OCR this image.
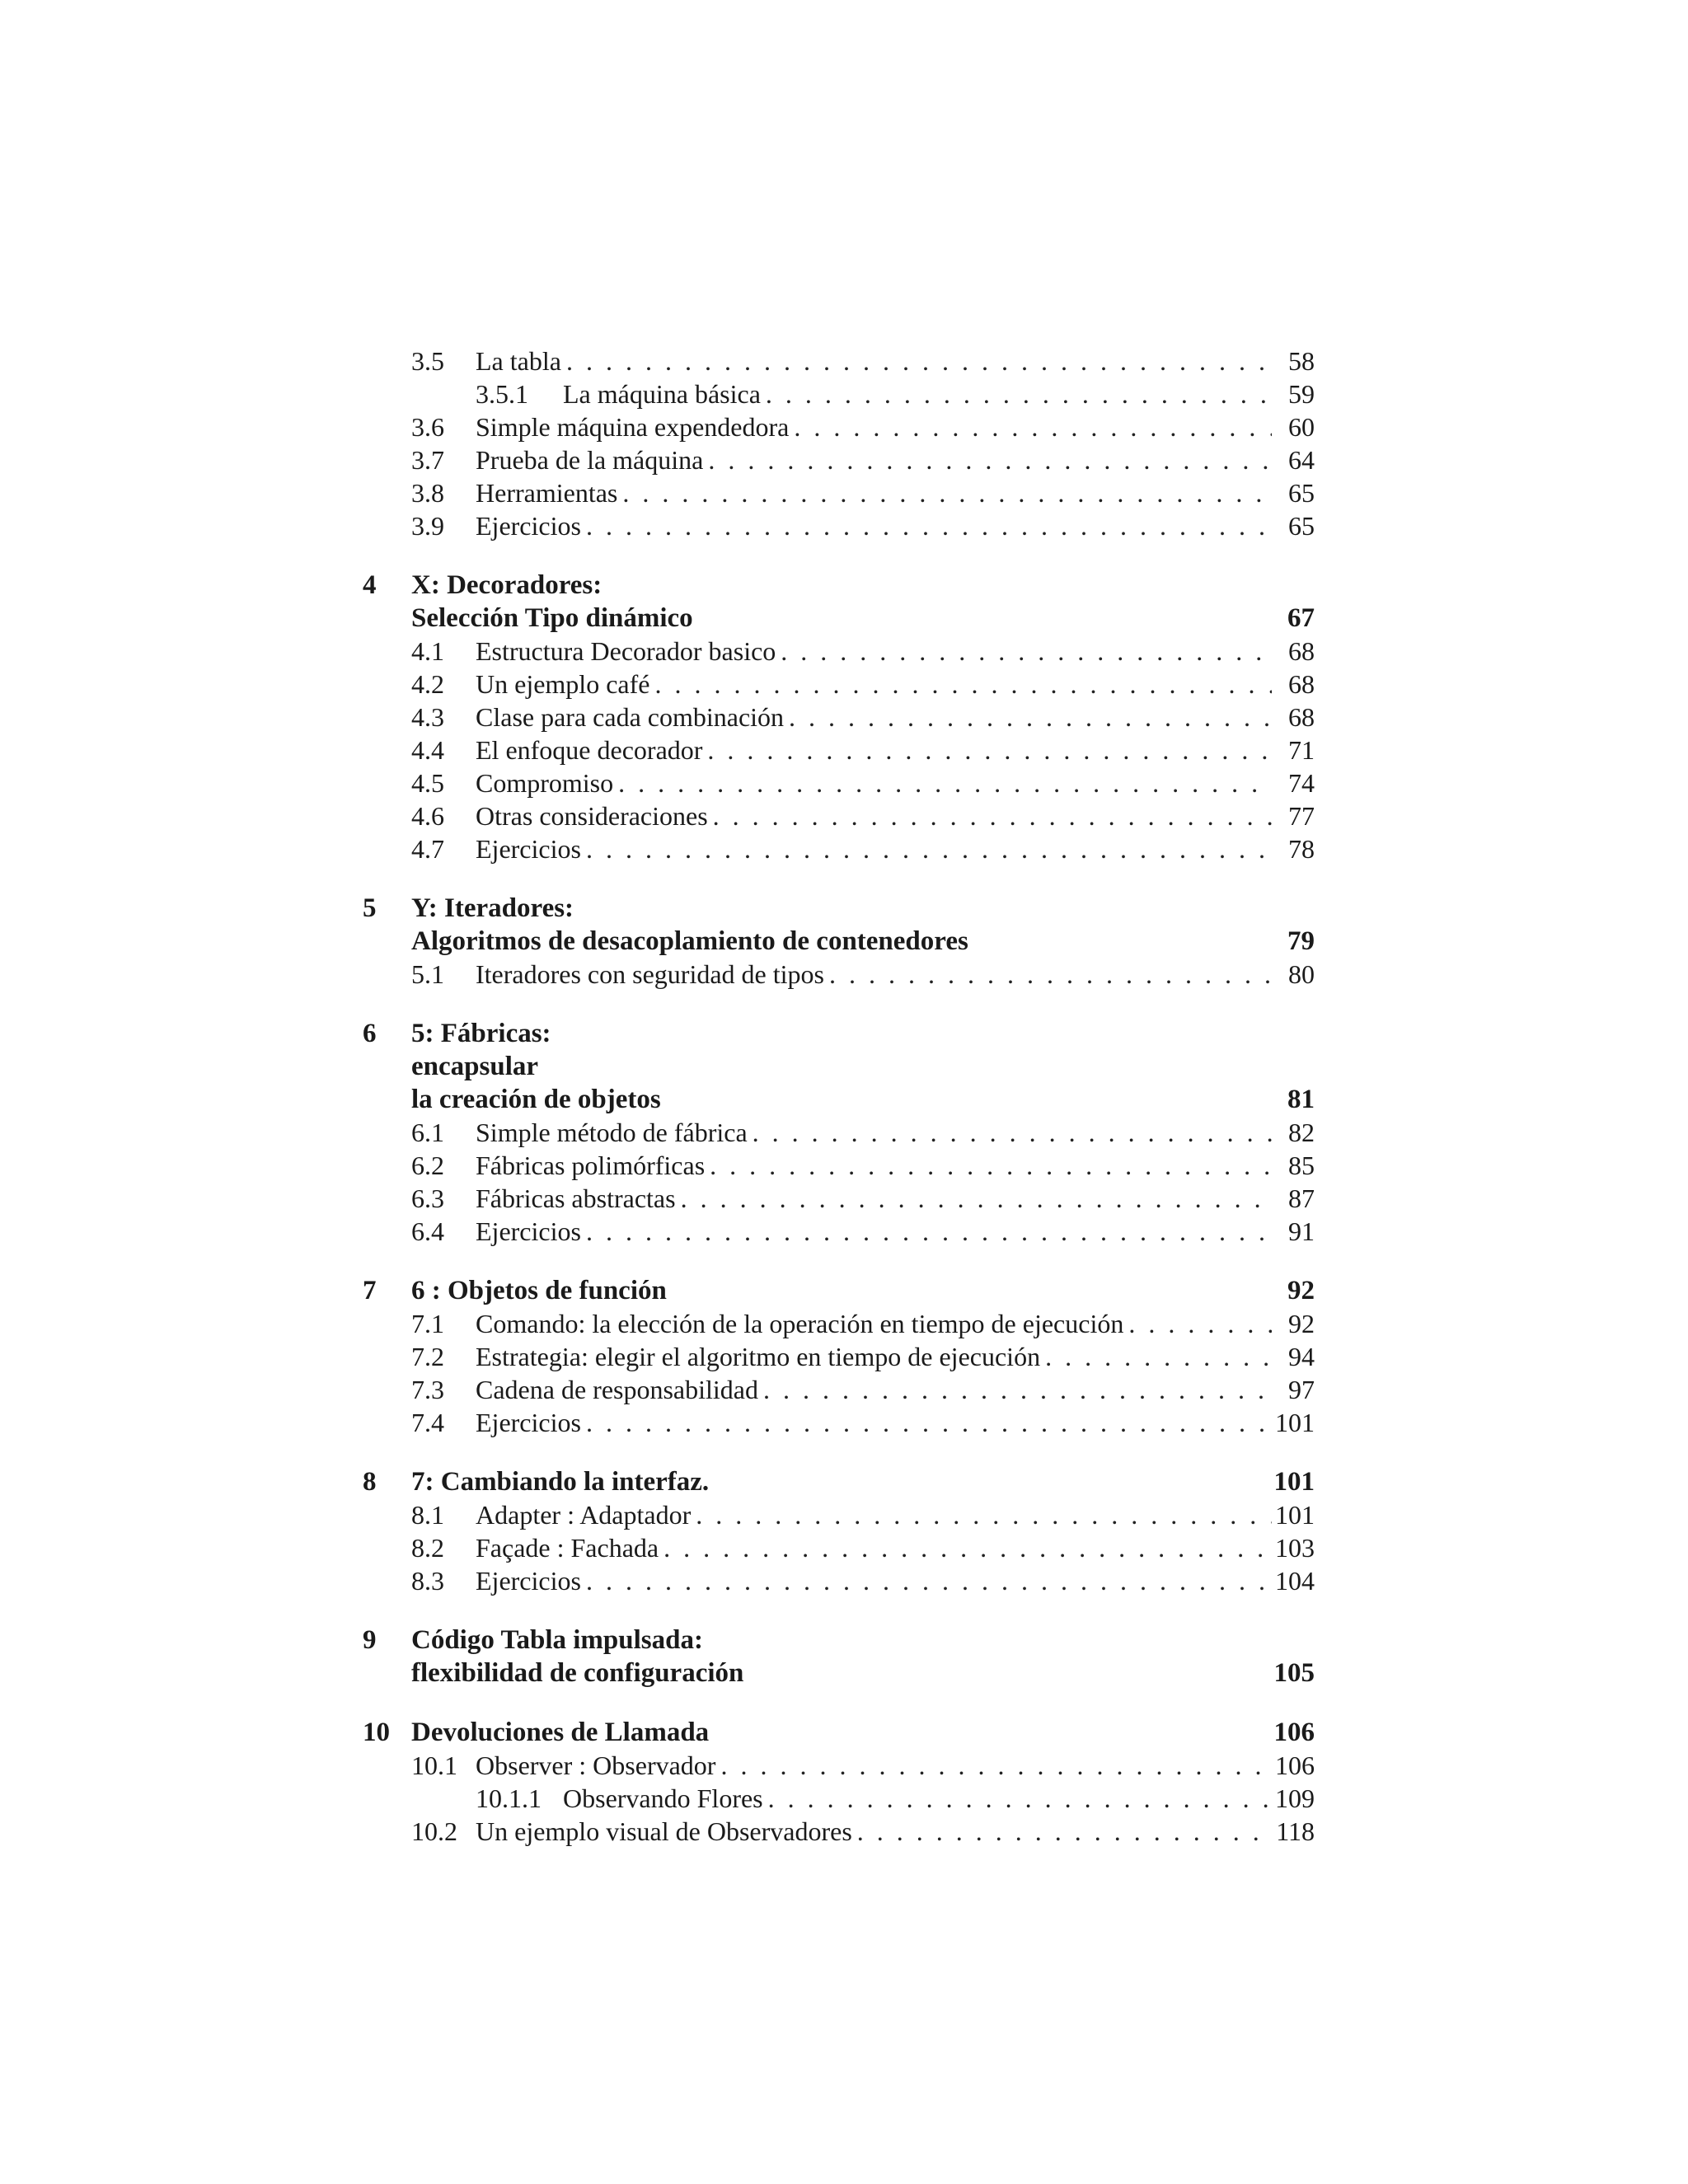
3.5	La tabla . . .	58
3.5.1	La máquina básica . . .	59
3.6	Simple máquina expendedora . . .	60
3.7	Prueba de la máquina . . .	64
3.8	Herramientas . . .	65
3.9	Ejercicios . . .	65
4	X: Decoradores:
Selección Tipo dinámico	67
4.1	Estructura Decorador basico . . .	68
4.2	Un ejemplo café . . .	68
4.3	Clase para cada combinación . . .	68
4.4	El enfoque decorador . . .	71
4.5	Compromiso . . .	74
4.6	Otras consideraciones . . .	77
4.7	Ejercicios . . .	78
5	Y: Iteradores:
Algoritmos de desacoplamiento de contenedores	79
5.1	Iteradores con seguridad de tipos . . .	80
6	5: Fábricas:
encapsular
la creación de objetos	81
6.1	Simple método de fábrica . . .	82
6.2	Fábricas polimórficas . . .	85
6.3	Fábricas abstractas . . .	87
6.4	Ejercicios . . .	91
7	6 : Objetos de función	92
7.1	Comando: la elección de la operación en tiempo de ejecución . . .	92
7.2	Estrategia: elegir el algoritmo en tiempo de ejecución . . .	94
7.3	Cadena de responsabilidad . . .	97
7.4	Ejercicios . . .	101
8	7: Cambiando la interfaz.	101
8.1	Adapter : Adaptador . . .	101
8.2	Façade : Fachada . . .	103
8.3	Ejercicios . . .	104
9	Código Tabla impulsada:
flexibilidad de configuración	105
10 Devoluciones de Llamada	106
10.1 Observer : Observador . . .	106
10.1.1 Observando Flores . . .	109
10.2 Un ejemplo visual de Observadores . . .	118
